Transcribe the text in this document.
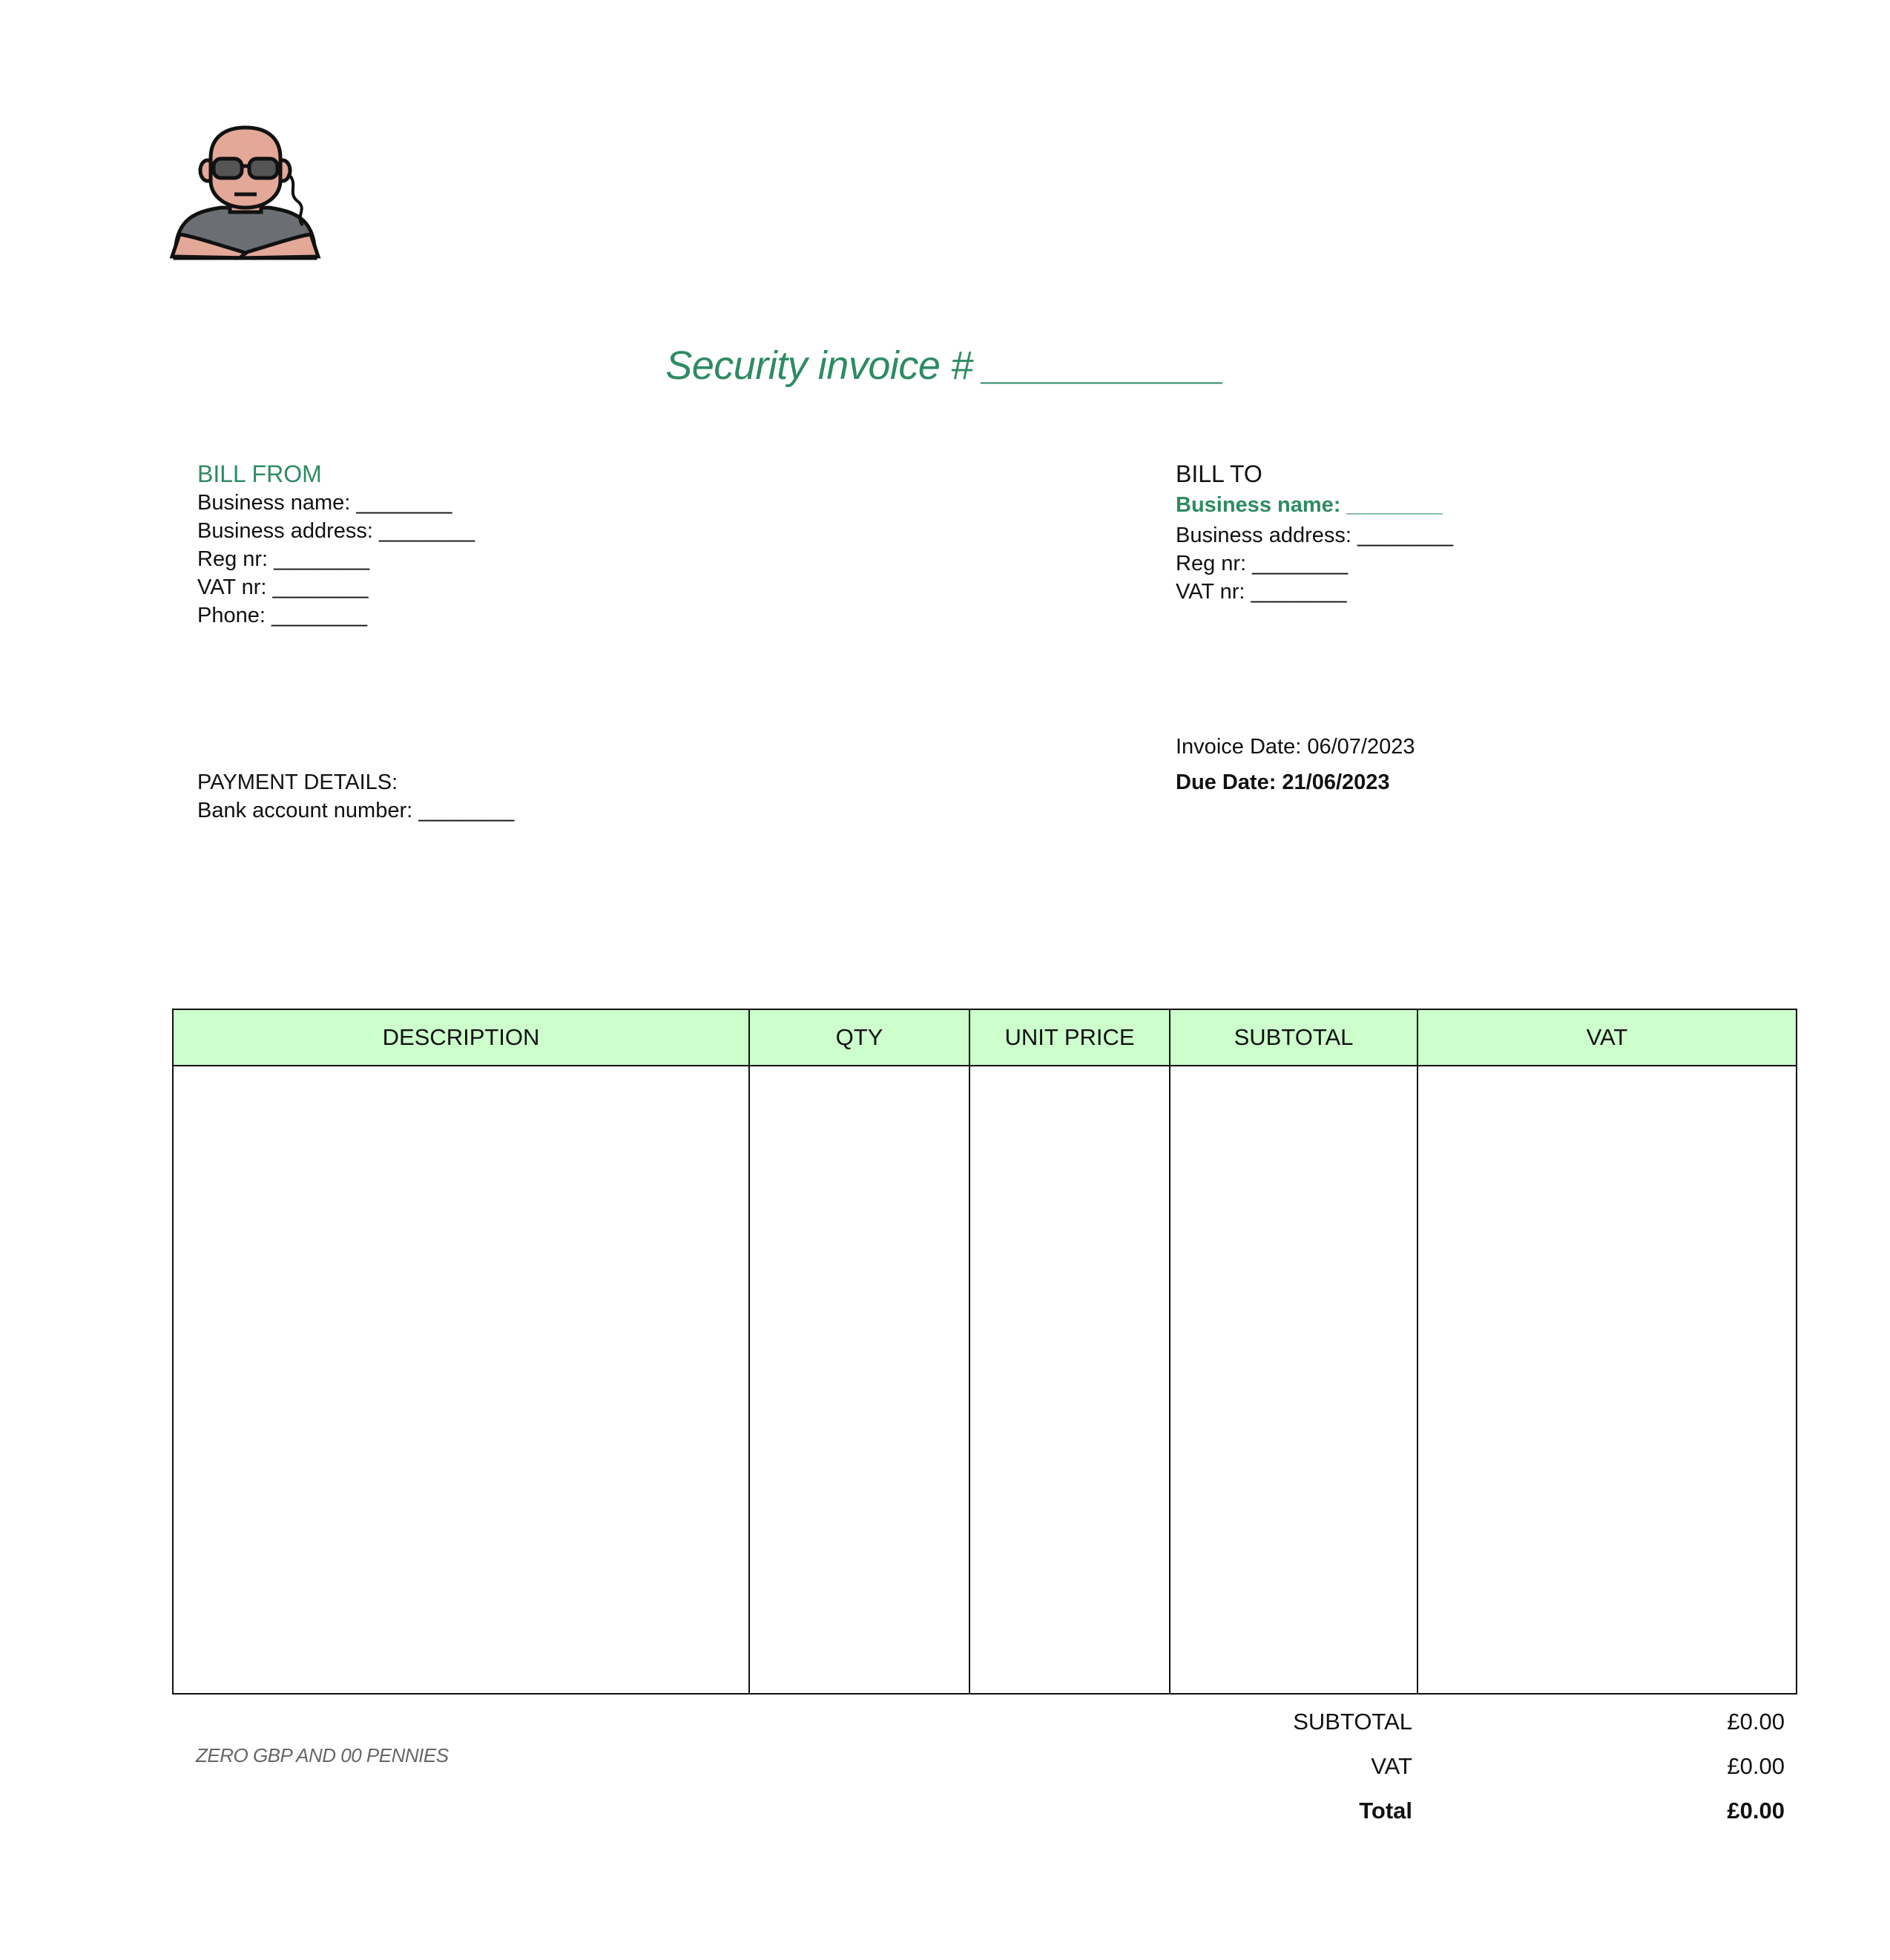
Security invoice # ___________
BILL FROM
Business name: ________
Business address: ________
Reg nr: ________
VAT nr: ________
Phone: ________
BILL TO
Business name: ________
Business address: ________
Reg nr: ________
VAT nr: ________
Invoice Date: 06/07/2023
Due Date: 21/06/2023
PAYMENT DETAILS:
Bank account number: ________
DESCRIPTION	QTY	UNIT PRICE	SUBTOTAL	VAT
ZERO GBP AND 00 PENNIES
SUBTOTAL	£0.00
VAT	£0.00
Total	£0.00
